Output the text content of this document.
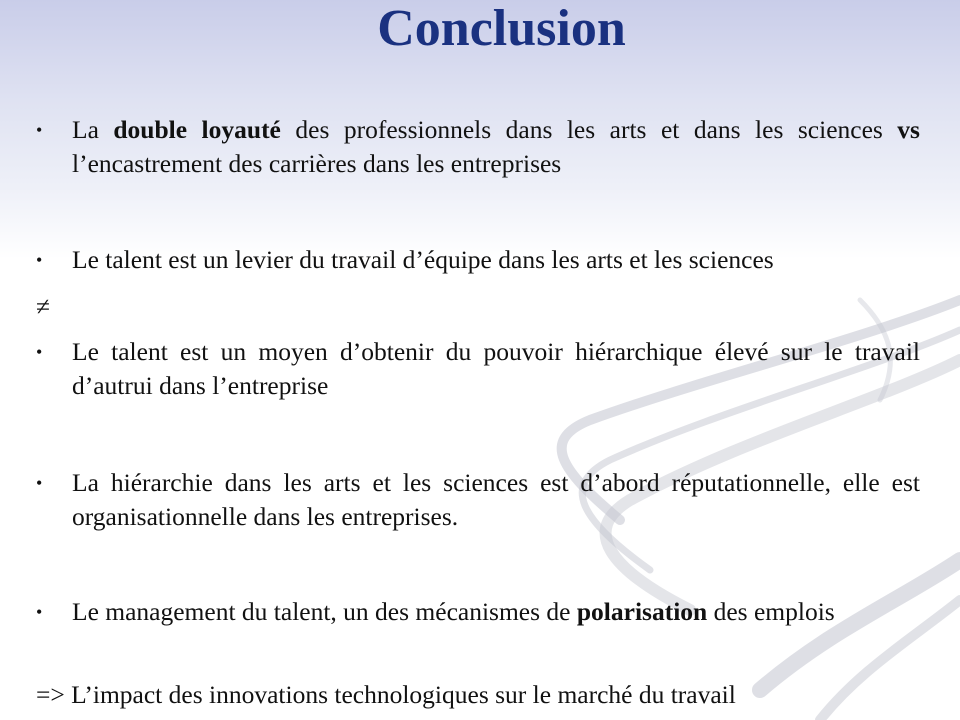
Conclusion
• La double loyauté des professionnels dans les arts et dans les sciences vs l’encastrement des carrières dans les entreprises
• Le talent est un levier du travail d’équipe dans les arts et les sciences
≠
• Le talent est un moyen d’obtenir du pouvoir hiérarchique élevé sur le travail d’autrui dans l’entreprise
• La hiérarchie dans les arts et les sciences est d’abord réputationnelle, elle est organisationnelle dans les entreprises.
• Le management du talent, un des mécanismes de polarisation des emplois
=> L’impact des innovations technologiques sur le marché du travail
